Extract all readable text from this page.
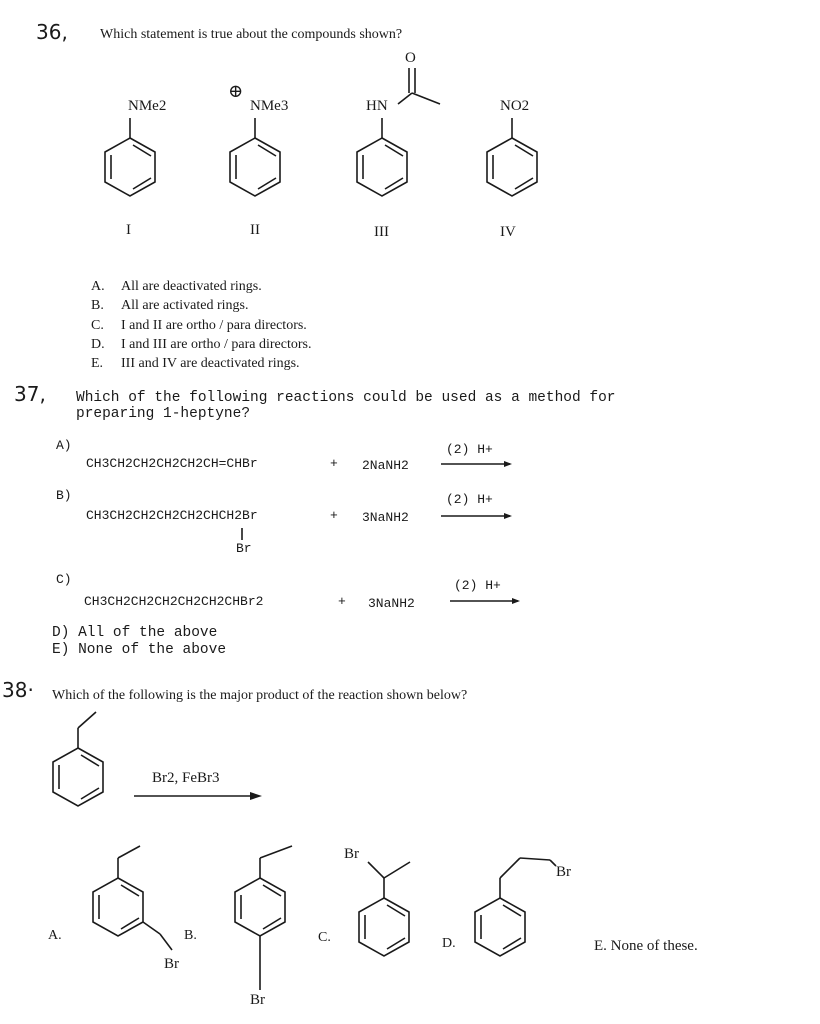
36, Which statement is true about the compounds shown?
NMe2
⊕
NMe3
O
HN	NO2
I	II	III	IV
A. All are deactivated rings.
B. All are activated rings.
C. I and II are ortho / para directors.
D. I and III are ortho / para directors.
E. III and IV are deactivated rings.
37, Which of the following reactions could be used as a method for
preparing 1-heptyne?
A)
CH3CH2CH2CH2CH2CH=CHBr	+ 2NaNH2
(2) H+
B)
CH3CH2CH2CH2CH2CHCH2Br
Br
+ 3NaNH2
(2) H+
C)
CH3CH2CH2CH2CH2CH2CHBr2	+ 3NaNH2
(2) H+
D) All of the above
E) None of the above
38· Which of the following is the major product of the reaction shown below?
Br2, FeBr3
A.
Br
B.
Br
C.
Br
D.
Br
E. None of these.
